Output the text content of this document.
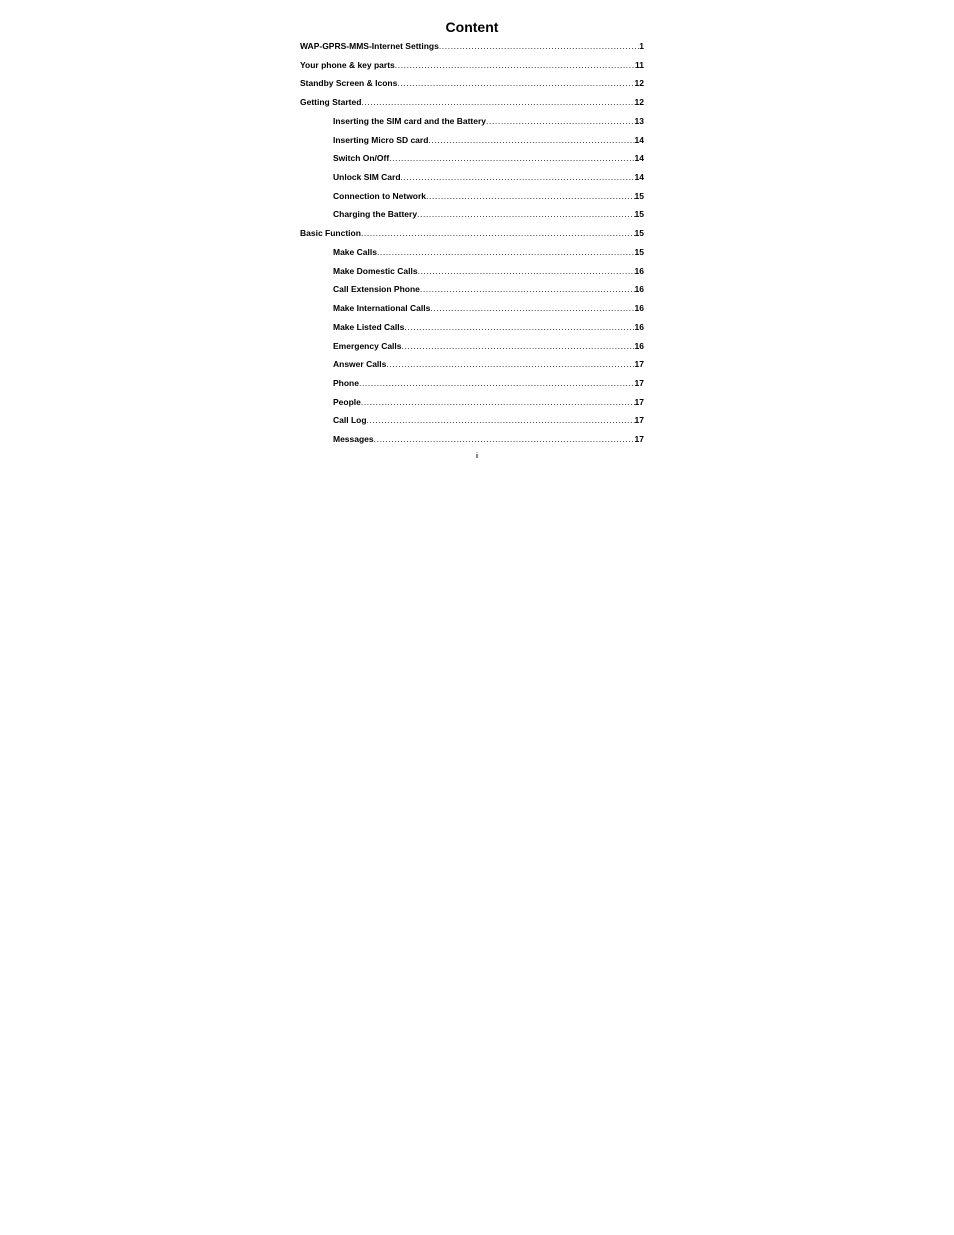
Content
WAP-GPRS-MMS-Internet Settings .....	1
Your phone & key parts .....	11
Standby Screen & Icons .....	12
Getting Started .....	12
Inserting the SIM card and the Battery .....	13
Inserting Micro SD card .....	14
Switch On/Off .....	14
Unlock SIM Card .....	14
Connection to Network .....	15
Charging the Battery .....	15
Basic Function .....	15
Make Calls .....	15
Make Domestic Calls .....	16
Call Extension Phone .....	16
Make International Calls .....	16
Make Listed Calls .....	16
Emergency Calls .....	16
Answer Calls .....	17
Phone .....	17
People .....	17
Call Log .....	17
Messages .....	17
ii
